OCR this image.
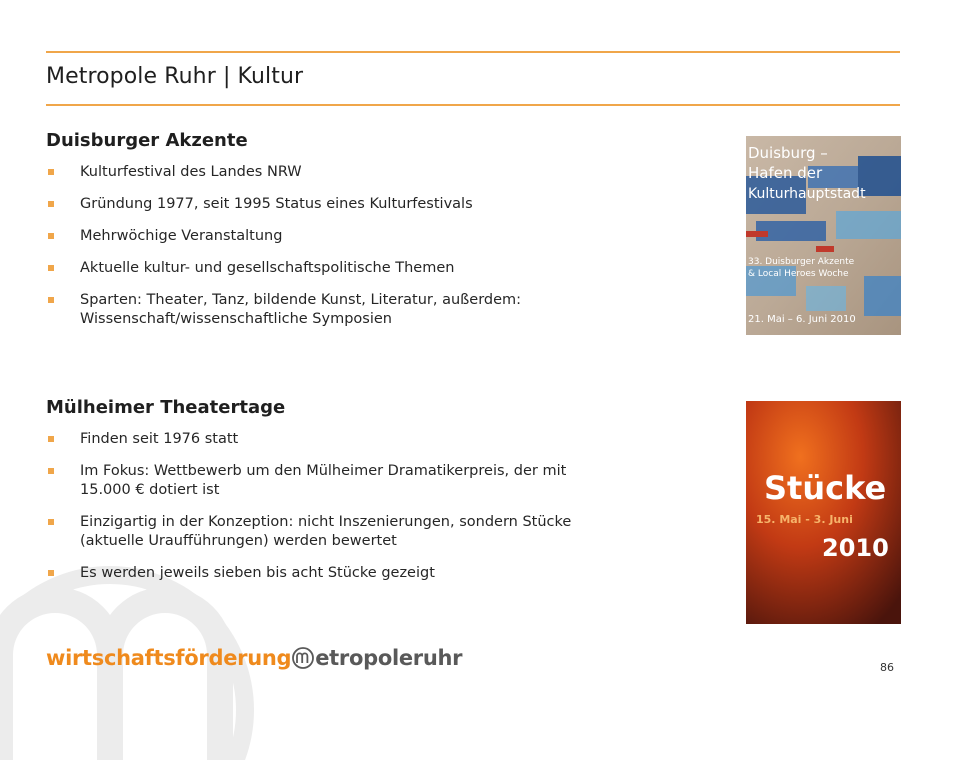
Metropole Ruhr | Kultur
Duisburger Akzente
Kulturfestival des Landes NRW
Gründung 1977, seit 1995 Status eines Kulturfestivals
Mehrwöchige Veranstaltung
Aktuelle kultur- und gesellschaftspolitische Themen
Sparten: Theater, Tanz, bildende Kunst, Literatur, außerdem: Wissenschaft/wissenschaftliche Symposien
Mülheimer Theatertage
Finden seit 1976 statt
Im Fokus: Wettbewerb um den Mülheimer Dramatikerpreis, der mit 15.000 € dotiert ist
Einzigartig in der Konzeption: nicht Inszenierungen, sondern Stücke (aktuelle Uraufführungen) werden bewertet
Es werden jeweils sieben bis acht Stücke gezeigt
Duisburg –
Hafen der
Kulturhauptstadt
33. Duisburger Akzente
& Local Heroes Woche
21. Mai – 6. Juni 2010
Stücke
15. Mai - 3. Juni
2010
wirtschaftsförderung etropoleruhr	86
